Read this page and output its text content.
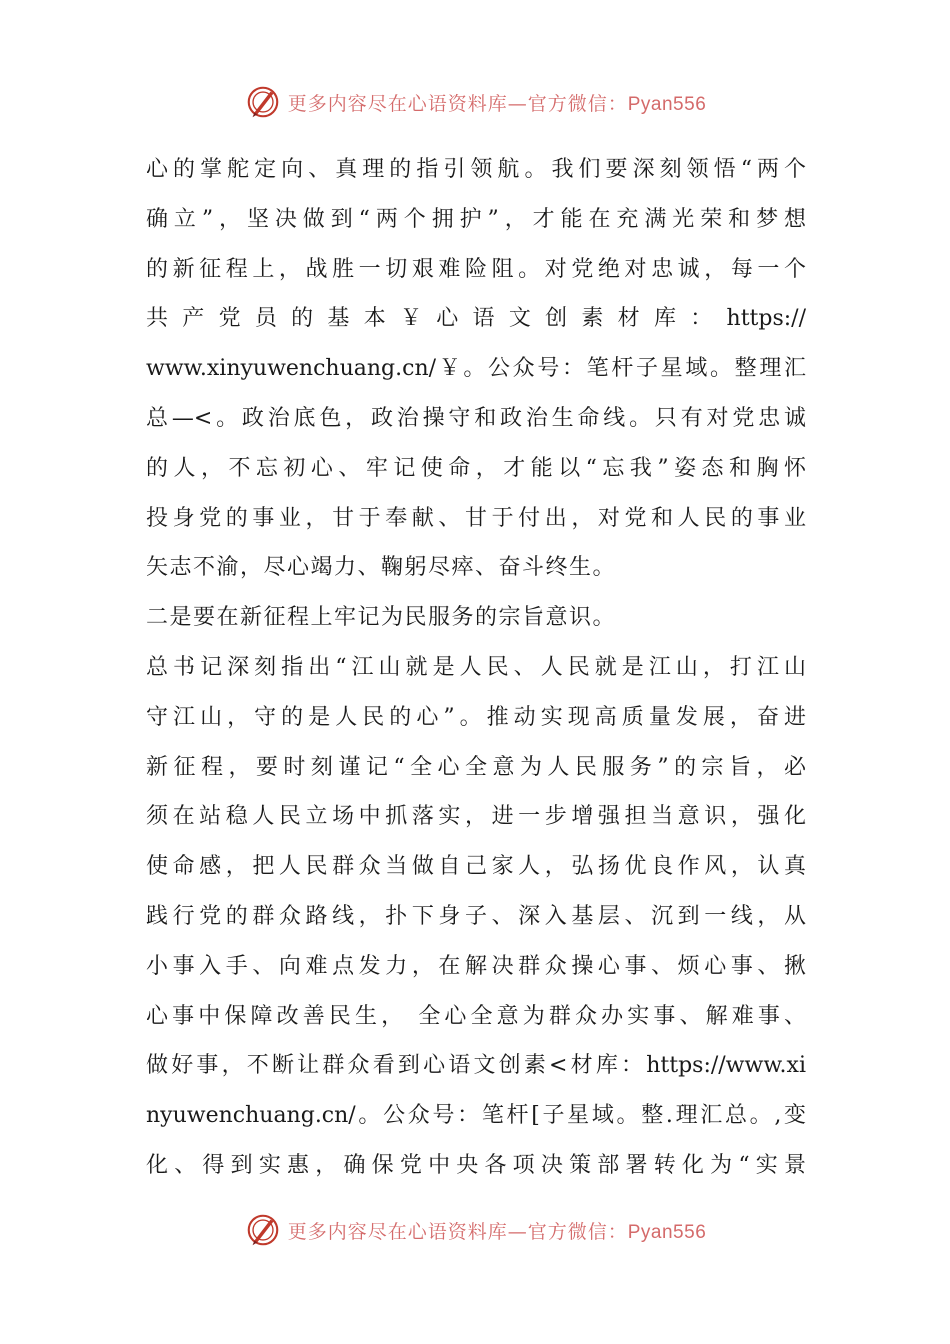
更多内容尽在心语资料库—官方微信：Pyan556
心的掌舵定向、真理的指引领航。我们要深刻领悟“两个
确立”，坚决做到“两个拥护”，才能在充满光荣和梦想
的新征程上，战胜一切艰难险阻。对党绝对忠诚，每一个
共 产 党 员 的 基 本 ￥ 心 语 文 创 素 材 库 ： https://
www.xinyuwenchuang.cn/￥。公众号：笔杆子星域。整理汇
总—<。政治底色，政治操守和政治生命线。只有对党忠诚
的人，不忘初心、牢记使命，才能以“忘我”姿态和胸怀
投身党的事业，甘于奉献、甘于付出，对党和人民的事业
矢志不渝，尽心竭力、鞠躬尽瘁、奋斗终生。
二是要在新征程上牢记为民服务的宗旨意识。
总书记深刻指出“江山就是人民、人民就是江山，打江山
守江山，守的是人民的心”。推动实现高质量发展，奋进
新征程，要时刻谨记“全心全意为人民服务”的宗旨，必
须在站稳人民立场中抓落实，进一步增强担当意识，强化
使命感，把人民群众当做自己家人，弘扬优良作风，认真
践行党的群众路线，扑下身子、深入基层、沉到一线，从
小事入手、向难点发力，在解决群众操心事、烦心事、揪
心事中保障改善民生， 全心全意为群众办实事、解难事、
做好事，不断让群众看到心语文创素<材库：https://www.xi
nyuwenchuang.cn/。公众号：笔杆[子星域。整.理汇总。,变
化、得到实惠，确保党中央各项决策部署转化为“实景
更多内容尽在心语资料库—官方微信：Pyan556
